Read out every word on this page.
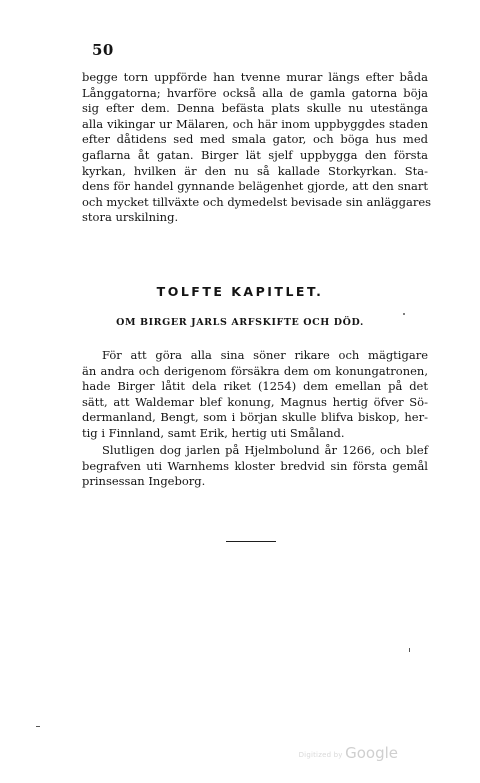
50

begge torn uppförde han tvenne murar längs efter båda
Långgatorna; hvarföre också alla de gamla gatorna böja
sig efter dem. Denna befästa plats skulle nu utestänga
alla vikingar ur Mälaren, och här inom uppbyggdes staden
efter dåtidens sed med smala gator, och böga hus med
gaflarna åt gatan. Birger lät sjelf uppbygga den första
kyrkan, hvilken är den nu så kallade Storkyrkan. Sta-
dens för handel gynnande belägenhet gjorde, att den snart
och mycket tillväxte och dymedelst bevisade sin anläggares
stora urskilning.

TOLFTE KAPITLET.
OM BIRGER JARLS ARFSKIFTE OCH DÖD.

För att göra alla sina söner rikare och mägtigare
än andra och derigenom försäkra dem om konungatronen,
hade Birger låtit dela riket (1254) dem emellan på det
sätt, att Waldemar blef konung, Magnus hertig öfver Sö-
dermanland, Bengt, som i början skulle blifva biskop, her-
tig i Finnland, samt Erik, hertig uti Småland.

Slutligen dog jarlen på Hjelmbolund år 1266, och blef
begrafven uti Warnhems kloster bredvid sin första gemål
prinsessan Ingeborg.

Digitized by Google
